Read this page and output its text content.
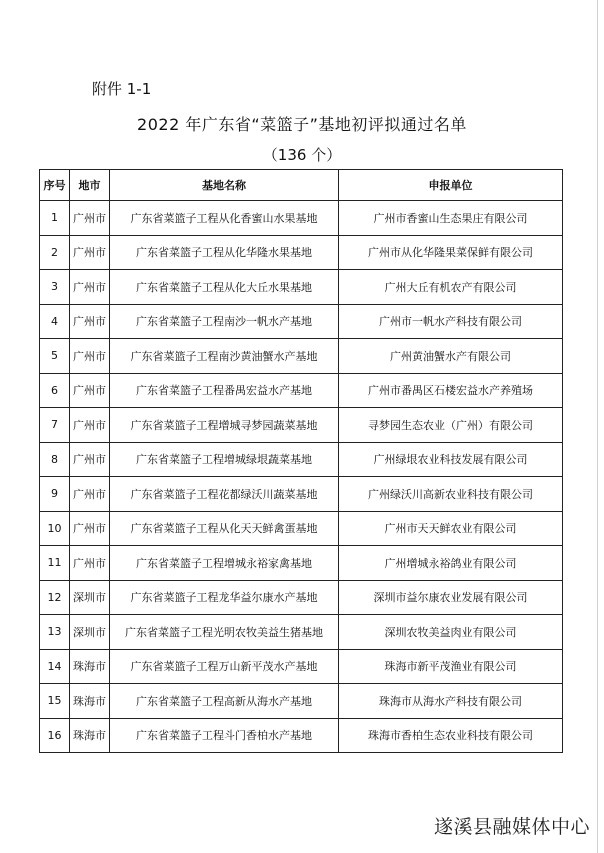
附件 1-1
2022 年广东省“菜篮子”基地初评拟通过名单
（136 个）
序号	地市	基地名称	申报单位
1	广州市	广东省菜篮子工程从化香蜜山水果基地	广州市香蜜山生态果庄有限公司
2	广州市	广东省菜篮子工程从化华隆水果基地	广州市从化华隆果菜保鲜有限公司
3	广州市	广东省菜篮子工程从化大丘水果基地	广州大丘有机农产有限公司
4	广州市	广东省菜篮子工程南沙一帆水产基地	广州市一帆水产科技有限公司
5	广州市	广东省菜篮子工程南沙黄油蟹水产基地	广州黄油蟹水产有限公司
6	广州市	广东省菜篮子工程番禺宏益水产基地	广州市番禺区石楼宏益水产养殖场
7	广州市	广东省菜篮子工程增城寻梦园蔬菜基地	寻梦园生态农业（广州）有限公司
8	广州市	广东省菜篮子工程增城绿垠蔬菜基地	广州绿垠农业科技发展有限公司
9	广州市	广东省菜篮子工程花都绿沃川蔬菜基地	广州绿沃川高新农业科技有限公司
10	广州市	广东省菜篮子工程从化天天鲜禽蛋基地	广州市天天鲜农业有限公司
11	广州市	广东省菜篮子工程增城永裕家禽基地	广州增城永裕鸽业有限公司
12	深圳市	广东省菜篮子工程龙华益尔康水产基地	深圳市益尔康农业发展有限公司
13	深圳市	广东省菜篮子工程光明农牧美益生猪基地	深圳农牧美益肉业有限公司
14	珠海市	广东省菜篮子工程万山新平茂水产基地	珠海市新平茂渔业有限公司
15	珠海市	广东省菜篮子工程高新从海水产基地	珠海市从海水产科技有限公司
16	珠海市	广东省菜篮子工程斗门香柏水产基地	珠海市香柏生态农业科技有限公司
遂溪县融媒体中心
